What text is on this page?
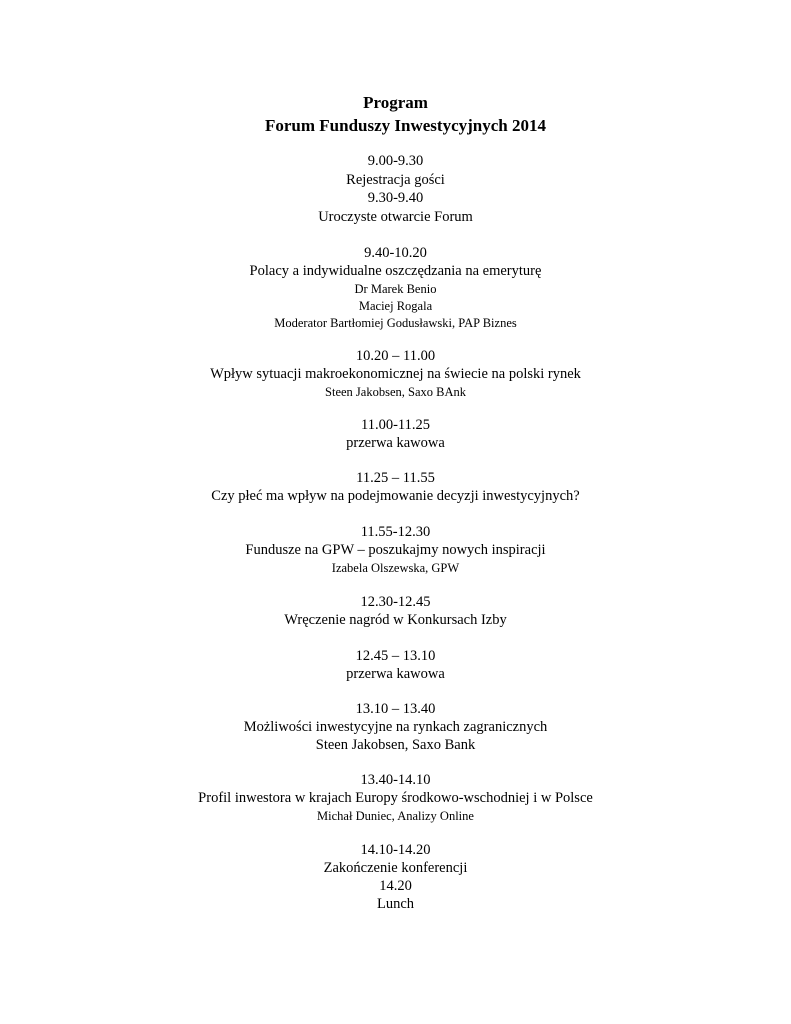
Program
Forum Funduszy Inwestycyjnych 2014
9.00-9.30
Rejestracja gości
9.30-9.40
Uroczyste otwarcie Forum
9.40-10.20
Polacy a indywidualne oszczędzania na emeryturę
Dr Marek Benio
Maciej Rogala
Moderator Bartłomiej Godusławski, PAP Biznes
10.20 – 11.00
Wpływ sytuacji makroekonomicznej na świecie na polski rynek
Steen Jakobsen, Saxo BAnk
11.00-11.25
przerwa kawowa
11.25 – 11.55
Czy płeć ma wpływ na podejmowanie decyzji inwestycyjnych?
11.55-12.30
Fundusze na GPW – poszukajmy nowych inspiracji
Izabela Olszewska, GPW
12.30-12.45
Wręczenie nagród w Konkursach Izby
12.45 – 13.10
przerwa kawowa
13.10 – 13.40
Możliwości inwestycyjne na rynkach zagranicznych
Steen Jakobsen, Saxo Bank
13.40-14.10
Profil inwestora w krajach Europy środkowo-wschodniej i w Polsce
Michał Duniec, Analizy Online
14.10-14.20
Zakończenie konferencji
14.20
Lunch
